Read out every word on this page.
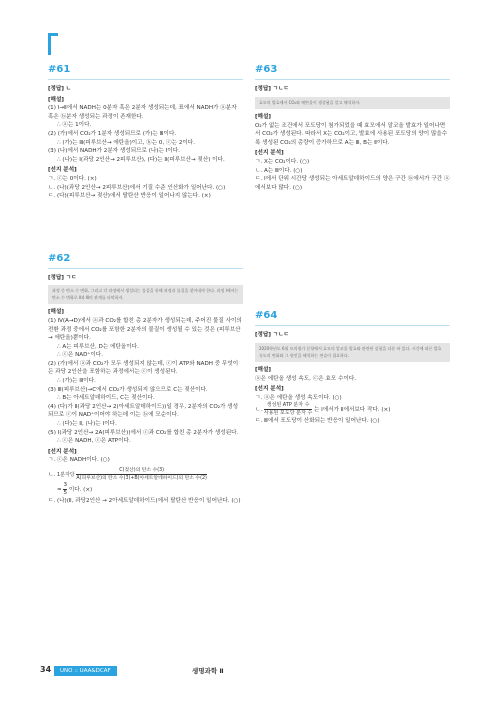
#61

[정답] ㄴ

[해설]

(1) Ⅰ→Ⅱ에서 NADH는 0분자 혹은 2분자 생성되는데, 표에서 NADH가 ⓐ분자 혹은 ⓑ분자 생성되는 과정이 존재한다.

∴ ⓐ는 1이다.

(2) (가)에서 CO₂가 1분자 생성되므로 (가)는 Ⅲ이다.

∴ (가)는 Ⅲ(피루브산→ 에탄올)이고, ⓑ는 0, ⓒ는 2이다.

(3) (나)에서 NADH가 2분자 생성되므로 (나)는 Ⅰ이다.

∴ (나)는 Ⅰ(과당 2인산→ 2피루브산), (다)는 Ⅱ(피루브산→ 젖산) 이다.

[선지 분석]

ㄱ. ⓒ는 0이다. (×)

ㄴ. (나)(과당 2인산→ 2피루브산)에서 기질 수준 인산화가 일어난다. (○)

ㄷ. (다)(피루브산→ 젖산)에서 탈탄산 반응이 일어나지 않는다. (×)

#62

[정답] ㄱㄷ

과정 중 탄소 수 변화, 그리고 각 과정에서 생성되는 물질을 통해 과정과 물질을 찾아내야 한다. 과정 Ⅰ에서는 탄소 수 변화로 Ⅱ과 Ⅲ의 관계를 파악하자.

[해설]

(1) Ⅳ(A→D)에서 ⓐ과 CO₂를 합친 총 2분자가 생성되는데, 주어진 물질 사이의 전환 과정 중에서 CO₂를 포함한 2분자의 물질이 생성될 수 있는 것은 (피루브산→ 에탄올)뿐이다.

∴ A는 피루브산, D는 에탄올이다.

∴ ⓒ은 NAD⁺이다.

(2) (가)에서 ⓐ과 CO₂가 모두 생성되지 않는데, ⓒ이 ATP와 NADH 중 무엇이든 과당 2인산을 포함하는 과정에서는 ⓒ이 생성된다.

∴ (가)는 Ⅲ이다.

(3) Ⅲ(피루브산)→C에서 CO₂가 생성되지 않으므로 C는 젖산이다.

∴ B는 아세트알데하이드, C는 젖산이다.

(4) (다)가 Ⅱ(과당 2인산→ 2(아세트알데하이드))일 경우, 2분자의 CO₂가 생성되므로 ⓒ이 NAD⁺이어야 하는데 이는 ⓑ에 모순이다.

∴ (다)는 Ⅱ, (나)는 Ⅰ이다.

(5) Ⅰ(과당 2인산→ 2A(피루브산))에서 ⓒ과 CO₂를 합친 총 2분자가 생성된다.

∴ ⓒ은 NADH, ⓒ은 ATP이다.

[선지 분석]

ㄱ. ⓒ은 NADH이다. (○)

ㄴ. 1분자당 $\frac{\text{C(젖산)의 탄소 수(3)}}{\text{A(피루브산)의 탄소 수(3)+B(아세트알데하이드)의 탄소 수(2)}}$

= $\frac{3}{5}$ 이다. (×)

ㄷ. (나)(Ⅱ, 과당2인산 → 2아세트알데하이드)에서 탈탄산 반응이 일어난다. (○)

#63

[정답] ㄱㄴㄷ

효모의 발효에서 CO₂와 에탄올이 생성됨을 알고 해석하자.

[해설]

O₂가 없는 조건에서 포도당이 첨가되었을 때 효모에서 알코올 발효가 일어나면서 CO₂가 생성된다. 따라서 X는 CO₂이고, 발효에 사용된 포도당의 양이 많을수록 생성된 CO₂의 총량이 증가하므로 A는 Ⅲ, B는 Ⅱ이다.

[선지 분석]

ㄱ. X는 CO₂이다. (○)

ㄴ. A는 Ⅲ이다. (○)

ㄷ. Ⅰ에서 단위 시간당 생성되는 아세트알데하이드의 양은 구간 ⓑ에서가 구간 ⓐ에서보다 많다. (○)

#64

[정답] ㄱㄴㄷ

2020학년도 6월 모의평가 문항에서 효모의 알코올 발효와 관련된 실험을 다룬 바 있다. 시간에 따른 발효 속도의 변화와 그 원인을 해석하는 연습이 필요하다.

[해설]

ⓐ은 에탄올 생성 속도, ⓒ은 효모 수이다.

[선지 분석]

ㄱ. ⓐ은 에탄올 생성 속도이다. (○)

ㄴ. $\frac{\text{생성된 ATP 분자 수}}{\text{사용된 포도당 분자 수}}$ 는 Ⅰ에서가 Ⅱ에서보다 작다. (×)

ㄷ. Ⅲ에서 포도당이 산화되는 반응이 일어난다. (○)

34	UNO :: UAA&DCAF	생명과학 Ⅱ
